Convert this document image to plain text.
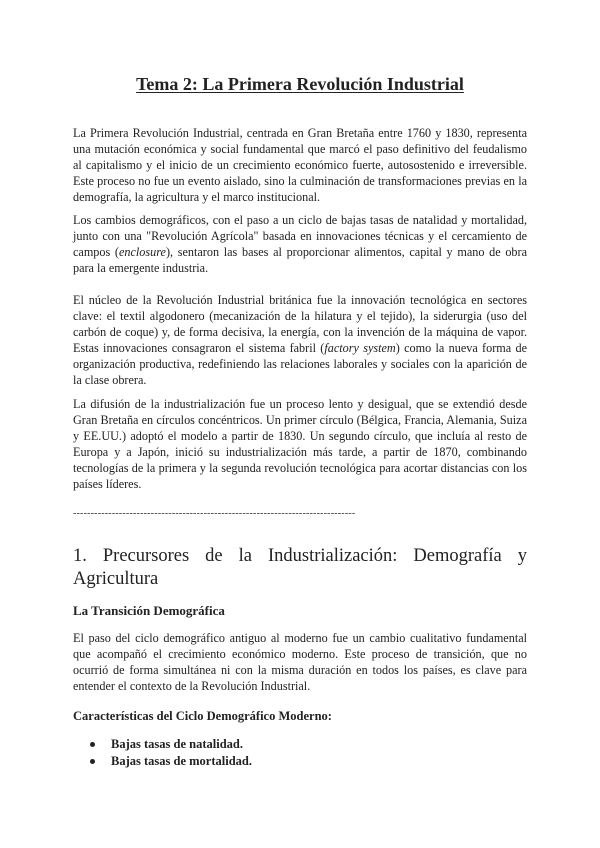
Tema 2: La Primera Revolución Industrial

La Primera Revolución Industrial, centrada en Gran Bretaña entre 1760 y 1830, representa una mutación económica y social fundamental que marcó el paso definitivo del feudalismo al capitalismo y el inicio de un crecimiento económico fuerte, autosostenido e irreversible. Este proceso no fue un evento aislado, sino la culminación de transformaciones previas en la demografía, la agricultura y el marco institucional.

Los cambios demográficos, con el paso a un ciclo de bajas tasas de natalidad y mortalidad, junto con una "Revolución Agrícola" basada en innovaciones técnicas y el cercamiento de campos (enclosure), sentaron las bases al proporcionar alimentos, capital y mano de obra para la emergente industria.

El núcleo de la Revolución Industrial británica fue la innovación tecnológica en sectores clave: el textil algodonero (mecanización de la hilatura y el tejido), la siderurgia (uso del carbón de coque) y, de forma decisiva, la energía, con la invención de la máquina de vapor. Estas innovaciones consagraron el sistema fabril (factory system) como la nueva forma de organización productiva, redefiniendo las relaciones laborales y sociales con la aparición de la clase obrera.

La difusión de la industrialización fue un proceso lento y desigual, que se extendió desde Gran Bretaña en círculos concéntricos. Un primer círculo (Bélgica, Francia, Alemania, Suiza y EE.UU.) adoptó el modelo a partir de 1830. Un segundo círculo, que incluía al resto de Europa y a Japón, inició su industrialización más tarde, a partir de 1870, combinando tecnologías de la primera y la segunda revolución tecnológica para acortar distancias con los países líderes.

--------------------------------------------------------------------------------
1. Precursores de la Industrialización: Demografía y Agricultura
La Transición Demográfica

El paso del ciclo demográfico antiguo al moderno fue un cambio cualitativo fundamental que acompañó el crecimiento económico moderno. Este proceso de transición, que no ocurrió de forma simultánea ni con la misma duración en todos los países, es clave para entender el contexto de la Revolución Industrial.

Características del Ciclo Demográfico Moderno:
Bajas tasas de natalidad.
Bajas tasas de mortalidad.
